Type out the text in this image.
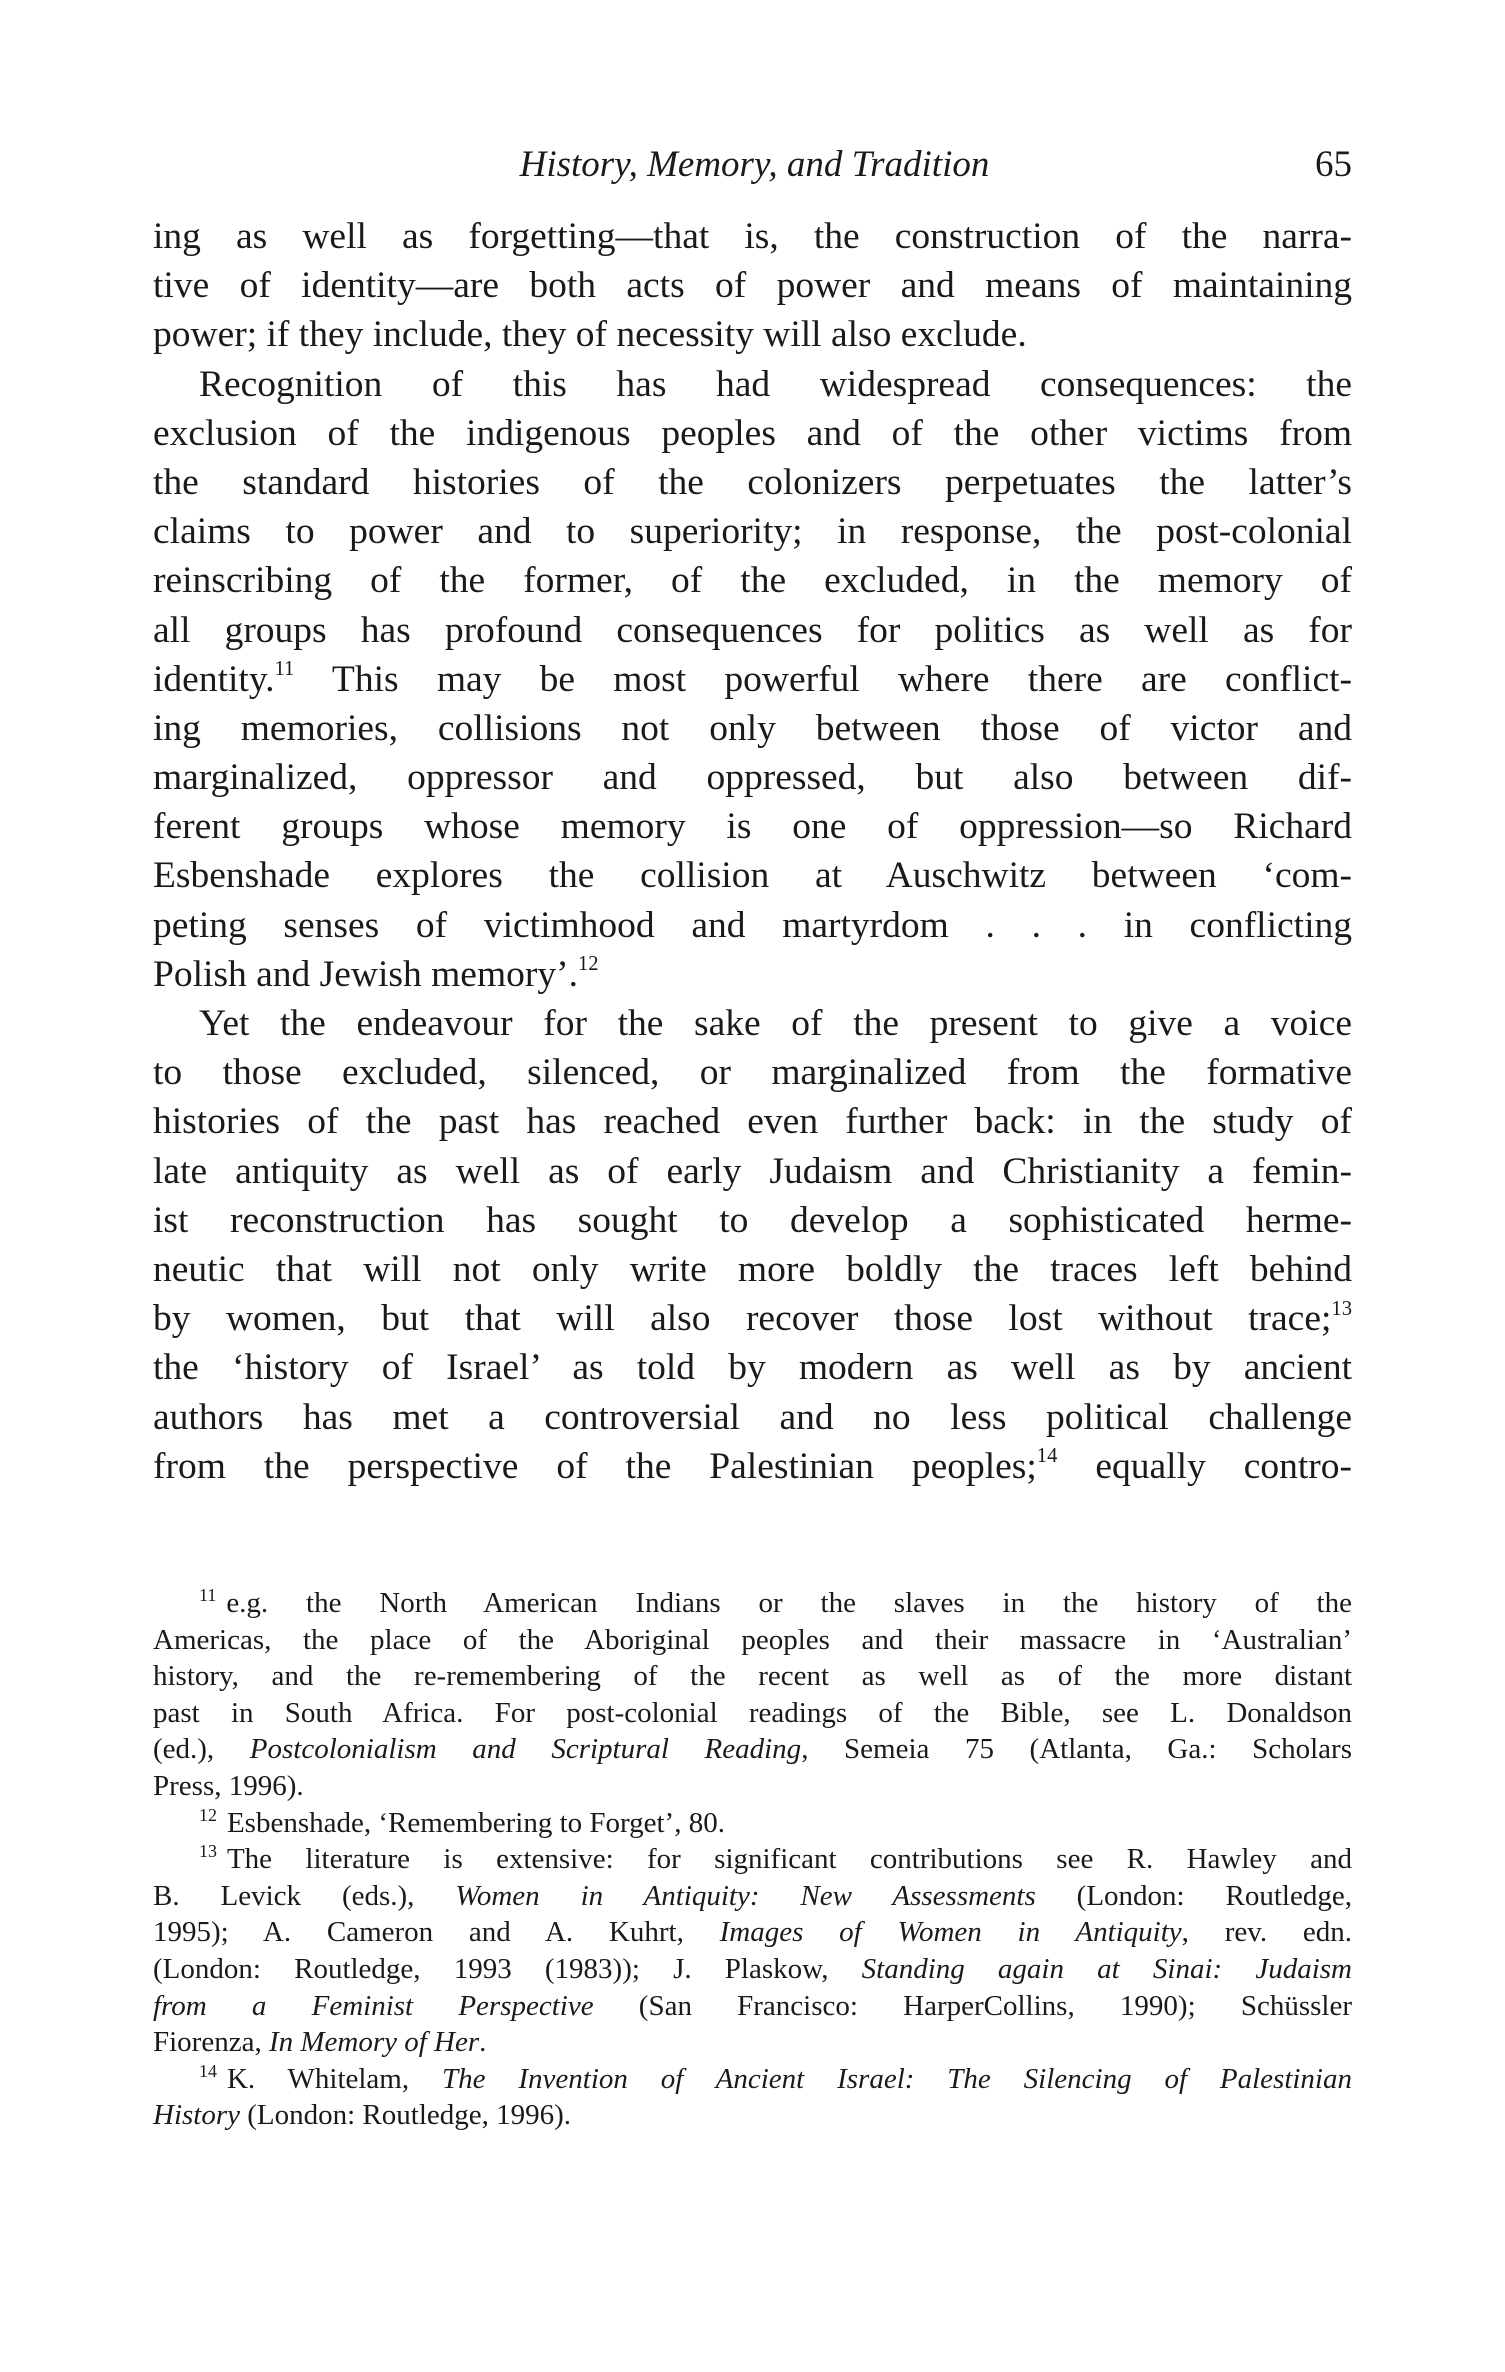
History, Memory, and Tradition	65
ing as well as forgetting—that is, the construction of the narra-
tive of identity—are both acts of power and means of maintaining
power; if they include, they of necessity will also exclude.
Recognition of this has had widespread consequences: the
exclusion of the indigenous peoples and of the other victims from
the standard histories of the colonizers perpetuates the latter’s
claims to power and to superiority; in response, the post-colonial
reinscribing of the former, of the excluded, in the memory of
all groups has profound consequences for politics as well as for
identity.$^{11}$ This may be most powerful where there are conflict-
ing memories, collisions not only between those of victor and
marginalized, oppressor and oppressed, but also between dif-
ferent groups whose memory is one of oppression—so Richard
Esbenshade explores the collision at Auschwitz between ‘com-
peting senses of victimhood and martyrdom . . . in conflicting
Polish and Jewish memory’.$^{12}$
Yet the endeavour for the sake of the present to give a voice
to those excluded, silenced, or marginalized from the formative
histories of the past has reached even further back: in the study of
late antiquity as well as of early Judaism and Christianity a femin-
ist reconstruction has sought to develop a sophisticated herme-
neutic that will not only write more boldly the traces left behind
by women, but that will also recover those lost without trace;$^{13}$
the ‘history of Israel’ as told by modern as well as by ancient
authors has met a controversial and no less political challenge
from the perspective of the Palestinian peoples;$^{14}$ equally contro-
$^{11}$ e.g. the North American Indians or the slaves in the history of the
Americas, the place of the Aboriginal peoples and their massacre in ‘Australian’
history, and the re-remembering of the recent as well as of the more distant
past in South Africa. For post-colonial readings of the Bible, see L. Donaldson
(ed.), Postcolonialism and Scriptural Reading, Semeia 75 (Atlanta, Ga.: Scholars
Press, 1996).
$^{12}$ Esbenshade, ‘Remembering to Forget’, 80.
$^{13}$ The literature is extensive: for significant contributions see R. Hawley and
B. Levick (eds.), Women in Antiquity: New Assessments (London: Routledge,
1995); A. Cameron and A. Kuhrt, Images of Women in Antiquity, rev. edn.
(London: Routledge, 1993 (1983)); J. Plaskow, Standing again at Sinai: Judaism
from a Feminist Perspective (San Francisco: HarperCollins, 1990); Schüssler
Fiorenza, In Memory of Her.
$^{14}$ K. Whitelam, The Invention of Ancient Israel: The Silencing of Palestinian
History (London: Routledge, 1996).
